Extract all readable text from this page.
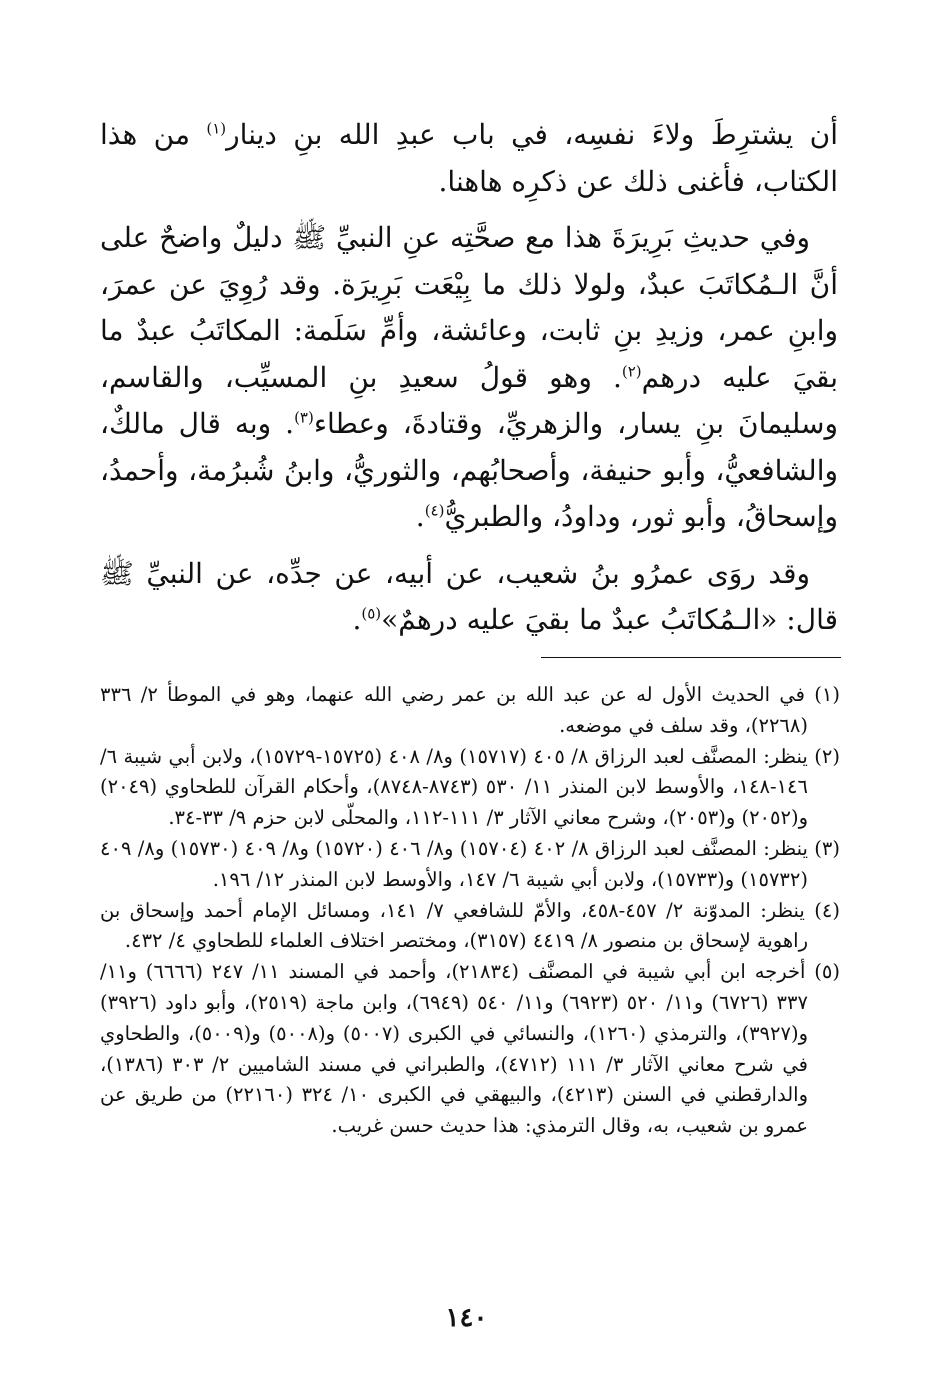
أن يشترِطَ ولاءَ نفسِه، في باب عبدِ الله بنِ دينار$^{(١)}$ من هذا الكتاب، فأغنى ذلك عن ذكرِه هاهنا.

وفي حديثِ بَرِيرَةَ هذا مع صحَّتِه عنِ النبيِّ ﷺ دليلٌ واضحٌ على أنَّ الـمُكاتَبَ عبدٌ، ولولا ذلك ما بِيْعَت بَرِيرَة. وقد رُوِيَ عن عمرَ، وابنِ عمر، وزيدِ بنِ ثابت، وعائشة، وأمِّ سَلَمة: المكاتَبُ عبدٌ ما بقيَ عليه درهم$^{(٢)}$. وهو قولُ سعيدِ بنِ المسيِّب، والقاسم، وسليمانَ بنِ يسار، والزهريِّ، وقتادةَ، وعطاء$^{(٣)}$. وبه قال مالكٌ، والشافعيُّ، وأبو حنيفة، وأصحابُهم، والثوريُّ، وابنُ شُبرُمة، وأحمدُ، وإسحاقُ، وأبو ثور، وداودُ، والطبريُّ$^{(٤)}$.

وقد روَى عمرُو بنُ شعيب، عن أبيه، عن جدِّه، عن النبيِّ ﷺ قال: «الـمُكاتَبُ عبدٌ ما بقيَ عليه درهمٌ»$^{(٥)}$.

(١) في الحديث الأول له عن عبد الله بن عمر رضي الله عنهما، وهو في الموطأ ٢/ ٣٣٦ (٢٢٦٨)، وقد سلف في موضعه.

(٢) ينظر: المصنَّف لعبد الرزاق ٨/ ٤٠٥ (١٥٧١٧) و٨/ ٤٠٨ (١٥٧٢٥-١٥٧٢٩)، ولابن أبي شيبة ٦/ ١٤٦-١٤٨، والأوسط لابن المنذر ١١/ ٥٣٠ (٨٧٤٣-٨٧٤٨)، وأحكام القرآن للطحاوي (٢٠٤٩) و(٢٠٥٢) و(٢٠٥٣)، وشرح معاني الآثار ٣/ ١١١-١١٢، والمحلّى لابن حزم ٩/ ٣٣-٣٤.

(٣) ينظر: المصنَّف لعبد الرزاق ٨/ ٤٠٢ (١٥٧٠٤) و٨/ ٤٠٦ (١٥٧٢٠) و٨/ ٤٠٩ (١٥٧٣٠) و٨/ ٤٠٩ (١٥٧٣٢) و(١٥٧٣٣)، ولابن أبي شيبة ٦/ ١٤٧، والأوسط لابن المنذر ١٢/ ١٩٦.

(٤) ينظر: المدوّنة ٢/ ٤٥٧-٤٥٨، والأمّ للشافعي ٧/ ١٤١، ومسائل الإمام أحمد وإسحاق بن راهوية لإسحاق بن منصور ٨/ ٤٤١٩ (٣١٥٧)، ومختصر اختلاف العلماء للطحاوي ٤/ ٤٣٢.

(٥) أخرجه ابن أبي شيبة في المصنَّف (٢١٨٣٤)، وأحمد في المسند ١١/ ٢٤٧ (٦٦٦٦) و١١/ ٣٣٧ (٦٧٢٦) و١١/ ٥٢٠ (٦٩٢٣) و١١/ ٥٤٠ (٦٩٤٩)، وابن ماجة (٢٥١٩)، وأبو داود (٣٩٢٦) و(٣٩٢٧)، والترمذي (١٢٦٠)، والنسائي في الكبرى (٥٠٠٧) و(٥٠٠٨) و(٥٠٠٩)، والطحاوي في شرح معاني الآثار ٣/ ١١١ (٤٧١٢)، والطبراني في مسند الشاميين ٢/ ٣٠٣ (١٣٨٦)، والدارقطني في السنن (٤٢١٣)، والبيهقي في الكبرى ١٠/ ٣٢٤ (٢٢١٦٠) من طريق عن عمرو بن شعيب، به، وقال الترمذي: هذا حديث حسن غريب.

١٤٠
